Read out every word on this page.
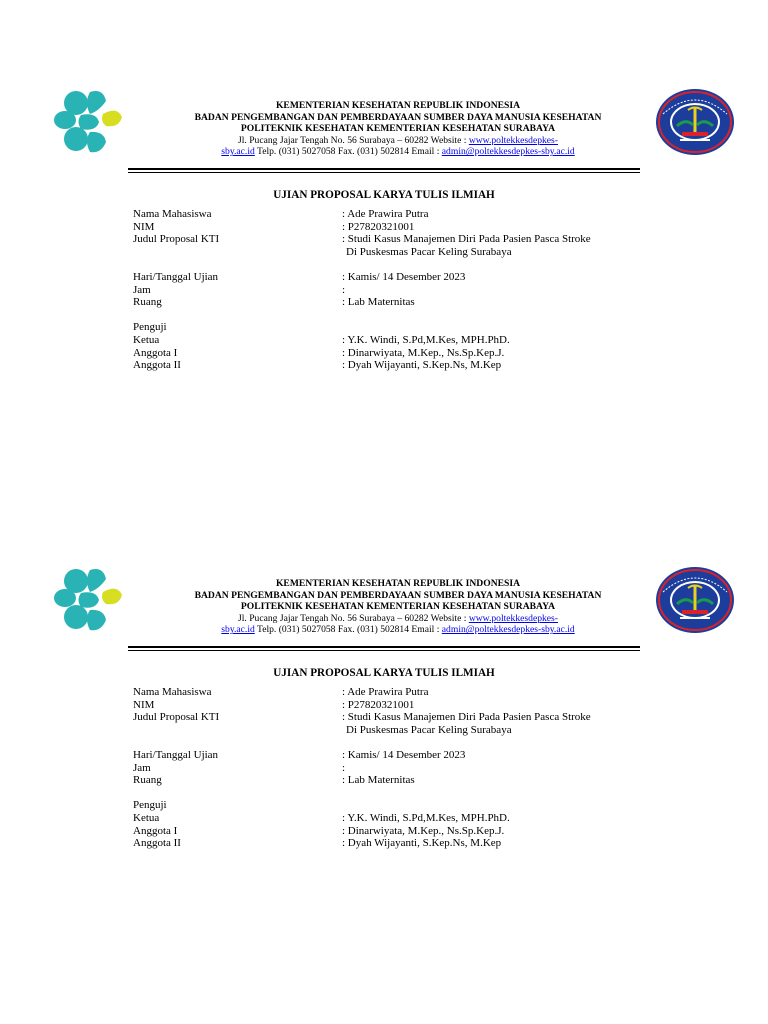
KEMENTERIAN KESEHATAN REPUBLIK INDONESIA
BADAN PENGEMBANGAN DAN PEMBERDAYAAN SUMBER DAYA MANUSIA KESEHATAN
POLITEKNIK KESEHATAN KEMENTERIAN KESEHATAN SURABAYA
Jl. Pucang Jajar Tengah No. 56 Surabaya – 60282 Website : www.poltekkesdepkes-
sby.ac.id Telp. (031) 5027058 Fax. (031) 502814 Email : admin@poltekkesdepkes-sby.ac.id
UJIAN PROPOSAL KARYA TULIS ILMIAH
Nama Mahasiswa	: Ade Prawira Putra
NIM	: P27820321001
Judul Proposal KTI	: Studi Kasus Manajemen Diri Pada Pasien Pasca Stroke
Di Puskesmas Pacar Keling Surabaya
Hari/Tanggal Ujian	: Kamis/ 14 Desember 2023
Jam	:
Ruang	: Lab Maternitas
Penguji
Ketua	: Y.K. Windi, S.Pd,M.Kes, MPH.PhD.
Anggota I	: Dinarwiyata, M.Kep., Ns.Sp.Kep.J.
Anggota II	: Dyah Wijayanti, S.Kep.Ns, M.Kep
KEMENTERIAN KESEHATAN REPUBLIK INDONESIA
BADAN PENGEMBANGAN DAN PEMBERDAYAAN SUMBER DAYA MANUSIA KESEHATAN
POLITEKNIK KESEHATAN KEMENTERIAN KESEHATAN SURABAYA
Jl. Pucang Jajar Tengah No. 56 Surabaya – 60282 Website : www.poltekkesdepkes-
sby.ac.id Telp. (031) 5027058 Fax. (031) 502814 Email : admin@poltekkesdepkes-sby.ac.id
UJIAN PROPOSAL KARYA TULIS ILMIAH
Nama Mahasiswa	: Ade Prawira Putra
NIM	: P27820321001
Judul Proposal KTI	: Studi Kasus Manajemen Diri Pada Pasien Pasca Stroke
Di Puskesmas Pacar Keling Surabaya
Hari/Tanggal Ujian	: Kamis/ 14 Desember 2023
Jam	:
Ruang	: Lab Maternitas
Penguji
Ketua	: Y.K. Windi, S.Pd,M.Kes, MPH.PhD.
Anggota I	: Dinarwiyata, M.Kep., Ns.Sp.Kep.J.
Anggota II	: Dyah Wijayanti, S.Kep.Ns, M.Kep
